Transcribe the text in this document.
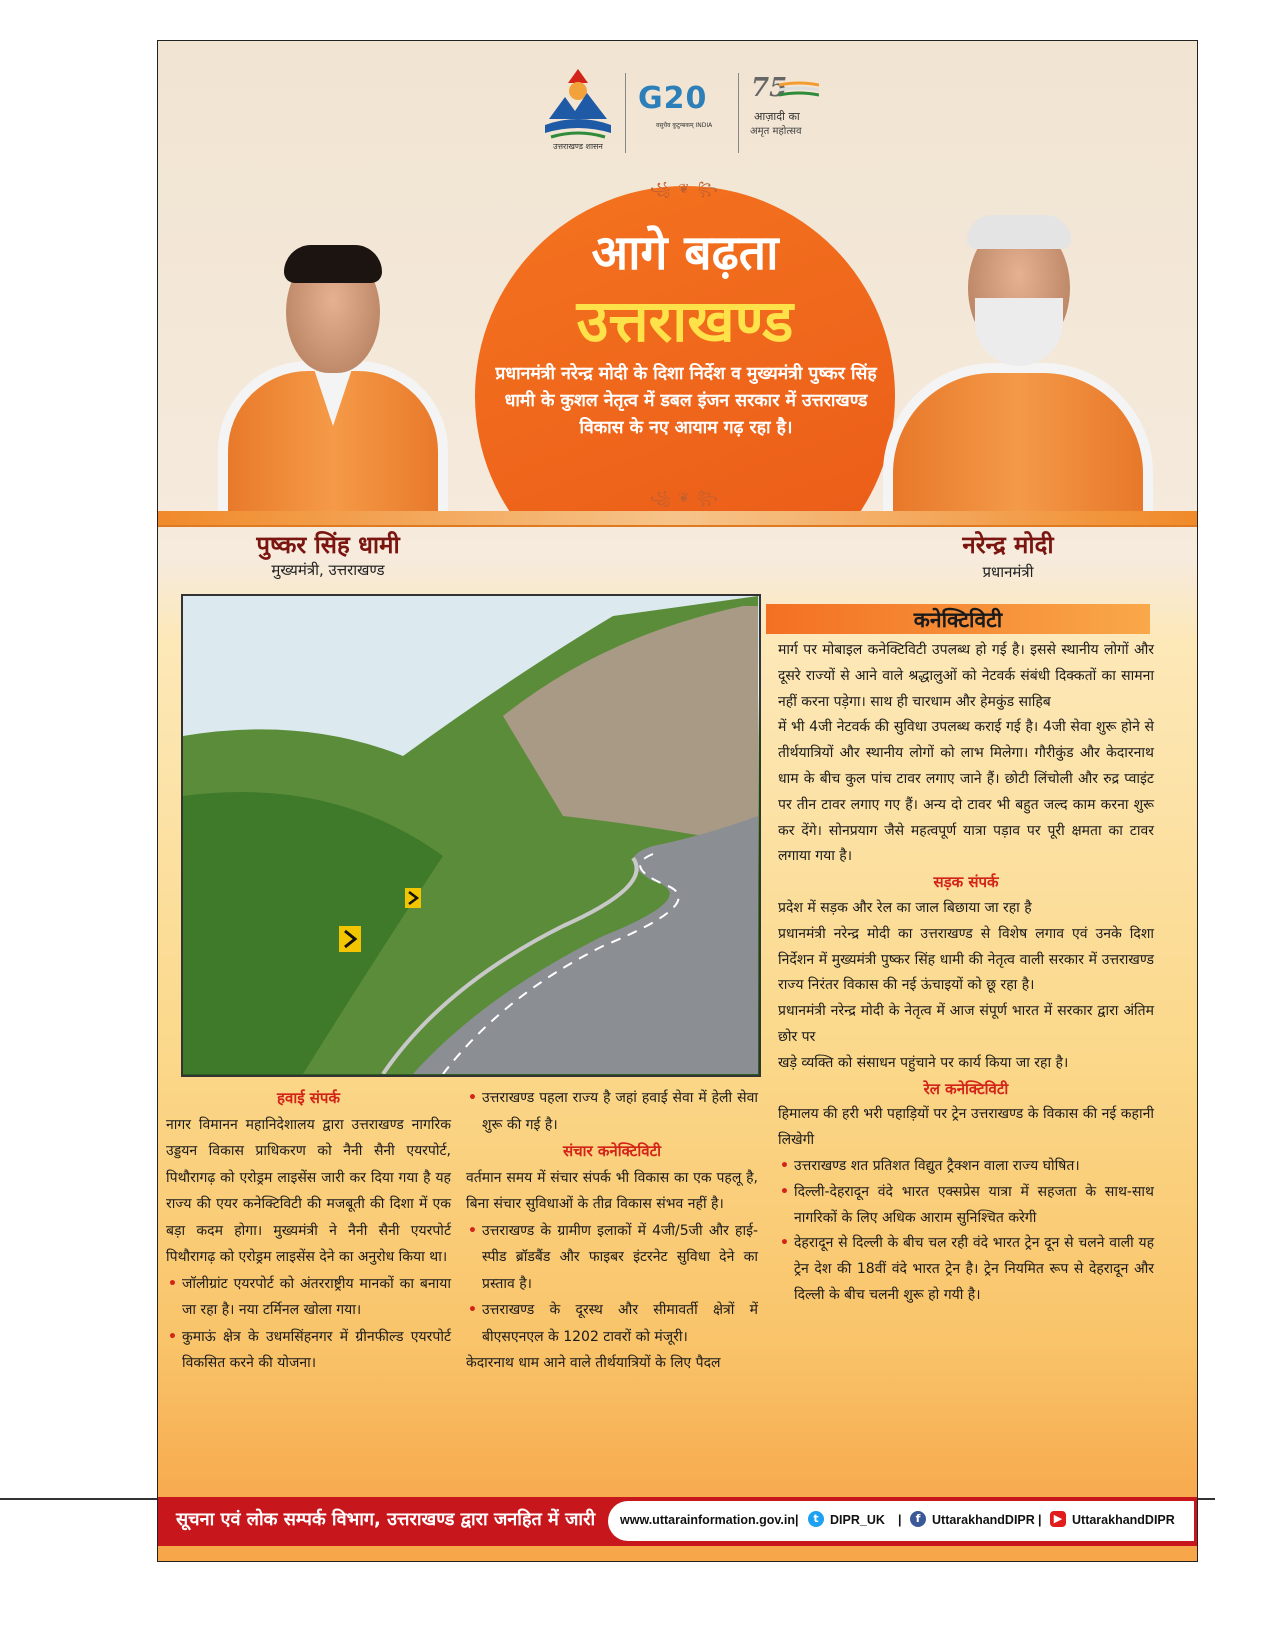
उत्तराखण्ड शासन
G20
वसुधैव कुटुम्बकम् INDIA
75
आज़ादी का
अमृत महोत्सव
꧁ ❦ ꧂
आगे बढ़ता
उत्तराखण्ड
प्रधानमंत्री नरेन्द्र मोदी के दिशा निर्देश व मुख्यमंत्री पुष्कर सिंह धामी के कुशल नेतृत्व में डबल इंजन सरकार में उत्तराखण्ड विकास के नए आयाम गढ़ रहा है।
꧁ ❦ ꧂
पुष्कर सिंह धामी
मुख्यमंत्री, उत्तराखण्ड
नरेन्द्र मोदी
प्रधानमंत्री
कनेक्टिविटी

मार्ग पर मोबाइल कनेक्टिविटी उपलब्ध हो गई है। इससे स्थानीय लोगों और दूसरे राज्यों से आने वाले श्रद्धालुओं को नेटवर्क संबंधी दिक्कतों का सामना नहीं करना पड़ेगा। साथ ही चारधाम और हेमकुंड साहिब

में भी 4जी नेटवर्क की सुविधा उपलब्ध कराई गई है। 4जी सेवा शुरू होने से तीर्थयात्रियों और स्थानीय लोगों को लाभ मिलेगा। गौरीकुंड और केदारनाथ धाम के बीच कुल पांच टावर लगाए जाने हैं। छोटी लिंचोली और रुद्र प्वाइंट पर तीन टावर लगाए गए हैं। अन्य दो टावर भी बहुत जल्द काम करना शुरू कर देंगे। सोनप्रयाग जैसे महत्वपूर्ण यात्रा पड़ाव पर पूरी क्षमता का टावर लगाया गया है।

सड़क संपर्क

प्रदेश में सड़क और रेल का जाल बिछाया जा रहा है

प्रधानमंत्री नरेन्द्र मोदी का उत्तराखण्ड से विशेष लगाव एवं उनके दिशा निर्देशन में मुख्यमंत्री पुष्कर सिंह धामी की नेतृत्व वाली सरकार में उत्तराखण्ड राज्य निरंतर विकास की नई ऊंचाइयों को छू रहा है।

प्रधानमंत्री नरेन्द्र मोदी के नेतृत्व में आज संपूर्ण भारत में सरकार द्वारा अंतिम छोर पर

खड़े व्यक्ति को संसाधन पहुंचाने पर कार्य किया जा रहा है।

रेल कनेक्टिविटी

हिमालय की हरी भरी पहाड़ियों पर ट्रेन उत्तराखण्ड के विकास की नई कहानी लिखेगी

• उत्तराखण्ड शत प्रतिशत विद्युत ट्रैक्शन वाला राज्य घोषित।

• दिल्ली-देहरादून वंदे भारत एक्सप्रेस यात्रा में सहजता के साथ-साथ नागरिकों के लिए अधिक आराम सुनिश्चित करेगी

• देहरादून से दिल्ली के बीच चल रही वंदे भारत ट्रेन दून से चलने वाली यह ट्रेन देश की 18वीं वंदे भारत ट्रेन है। ट्रेन नियमित रूप से देहरादून और दिल्ली के बीच चलनी शुरू हो गयी है।

हवाई संपर्क

नागर विमानन महानिदेशालय द्वारा उत्तराखण्ड नागरिक उड्डयन विकास प्राधिकरण को नैनी सैनी एयरपोर्ट, पिथौरागढ़ को एरोड्रम लाइसेंस जारी कर दिया गया है यह राज्य की एयर कनेक्टिविटी की मजबूती की दिशा में एक बड़ा कदम होगा। मुख्यमंत्री ने नैनी सैनी एयरपोर्ट पिथौरागढ़ को एरोड्रम लाइसेंस देने का अनुरोध किया था।

• जॉलीग्रांट एयरपोर्ट को अंतरराष्ट्रीय मानकों का बनाया जा रहा है। नया टर्मिनल खोला गया।

• कुमाऊं क्षेत्र के उधमसिंहनगर में ग्रीनफील्ड एयरपोर्ट विकसित करने की योजना।

• उत्तराखण्ड पहला राज्य है जहां हवाई सेवा में हेली सेवा शुरू की गई है।

संचार कनेक्टिविटी

वर्तमान समय में संचार संपर्क भी विकास का एक पहलू है, बिना संचार सुविधाओं के तीव्र विकास संभव नहीं है।

• उत्तराखण्ड के ग्रामीण इलाकों में 4जी/5जी और हाई- स्पीड ब्रॉडबैंड और फाइबर इंटरनेट सुविधा देने का प्रस्ताव है।

• उत्तराखण्ड के दूरस्थ और सीमावर्ती क्षेत्रों में बीएसएनएल के 1202 टावरों को मंजूरी।

केदारनाथ धाम आने वाले तीर्थयात्रियों के लिए पैदल

सूचना एवं लोक सम्पर्क विभाग, उत्तराखण्ड द्वारा जनहित में जारी www.uttarainformation.gov.in |	t DIPR_UK |	f UttarakhandDIPR |	▶ UttarakhandDIPR
